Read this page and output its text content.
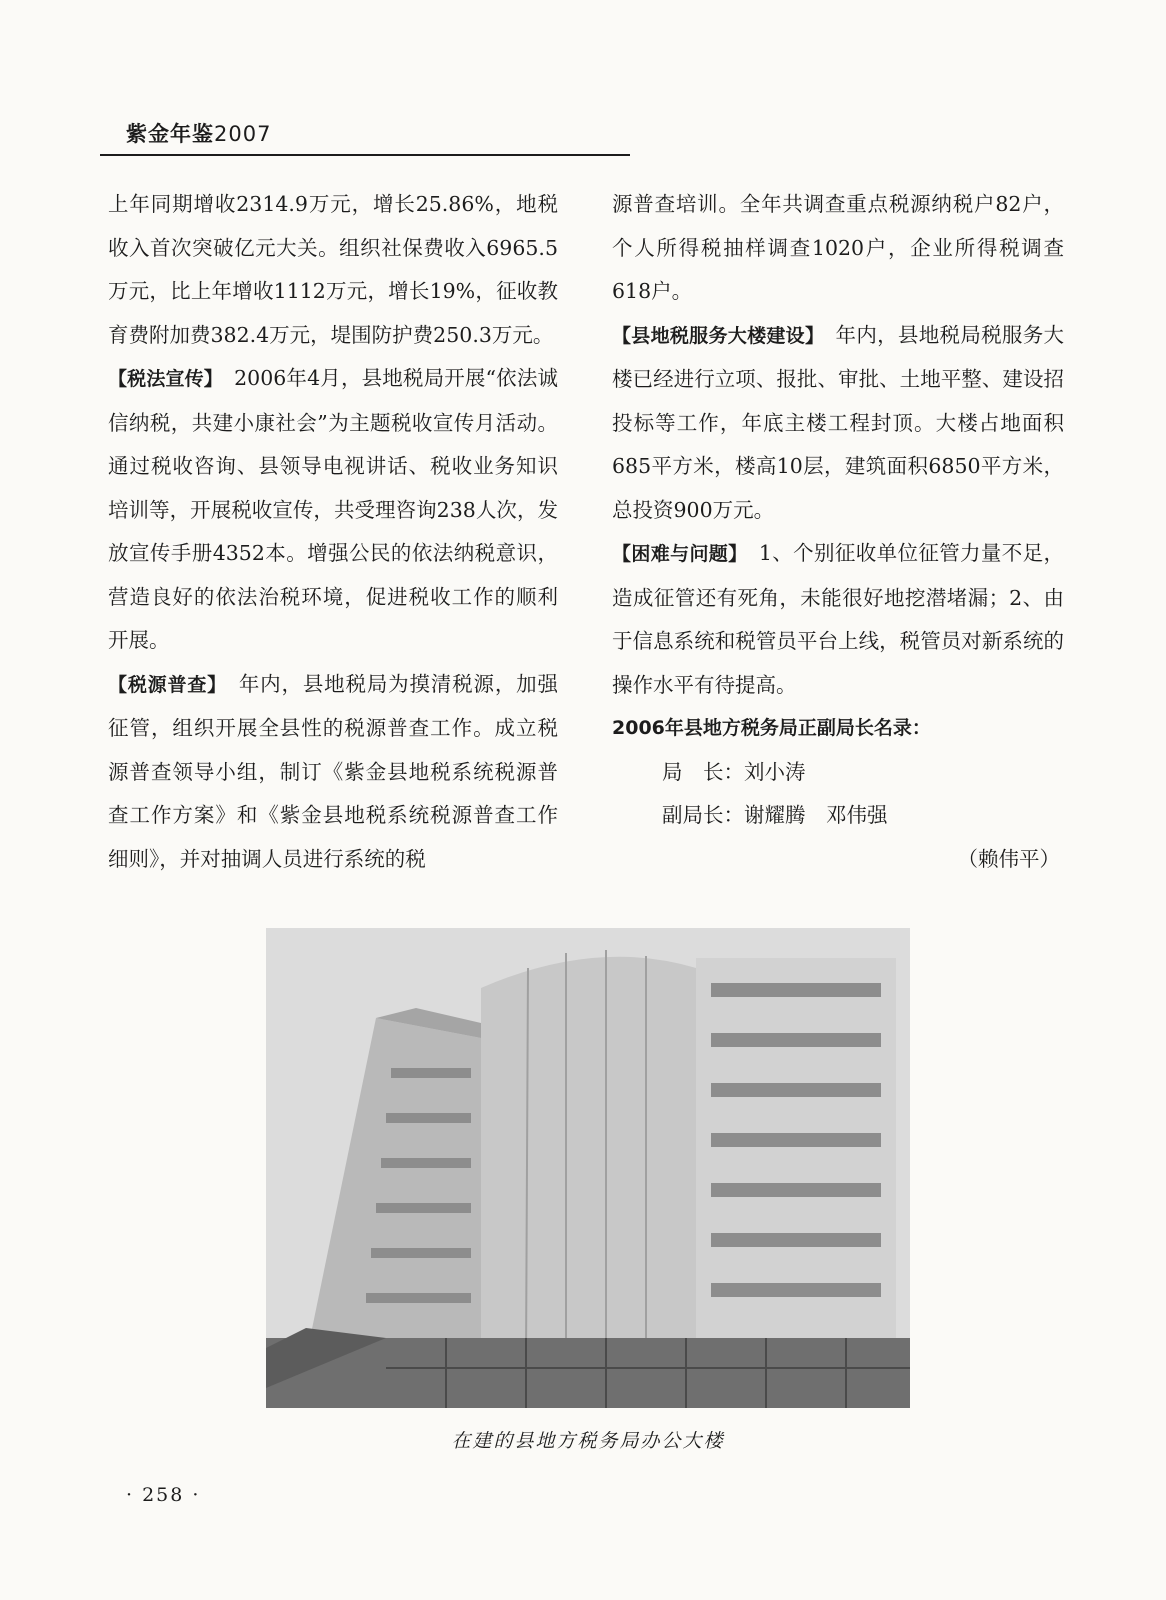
紫金年鉴2007

上年同期增收2314.9万元，增长25.86%，地税收入首次突破亿元大关。组织社保费收入6965.5万元，比上年增收1112万元，增长19%，征收教育费附加费382.4万元，堤围防护费250.3万元。

【税法宣传】　 2006年4月，县地税局开展“依法诚信纳税，共建小康社会”为主题税收宣传月活动。通过税收咨询、县领导电视讲话、税收业务知识培训等，开展税收宣传，共受理咨询238人次，发放宣传手册4352本。增强公民的依法纳税意识，营造良好的依法治税环境，促进税收工作的顺利开展。

【税源普查】　 年内，县地税局为摸清税源，加强征管，组织开展全县性的税源普查工作。成立税源普查领导小组，制订《紫金县地税系统税源普查工作方案》和《紫金县地税系统税源普查工作细则》，并对抽调人员进行系统的税

源普查培训。全年共调查重点税源纳税户82户，个人所得税抽样调查1020户，企业所得税调查618户。

【县地税服务大楼建设】　 年内，县地税局税服务大楼已经进行立项、报批、审批、土地平整、建设招投标等工作，年底主楼工程封顶。大楼占地面积685平方米，楼高10层，建筑面积6850平方米，总投资900万元。

【困难与问题】　 1、个别征收单位征管力量不足，造成征管还有死角，未能很好地挖潜堵漏；2、由于信息系统和税管员平台上线，税管员对新系统的操作水平有待提高。

2006年县地方税务局正副局长名录：

局　长：刘小涛

副局长：谢耀腾　邓伟强

（赖伟平）

在建的县地方税务局办公大楼
· 258 ·
